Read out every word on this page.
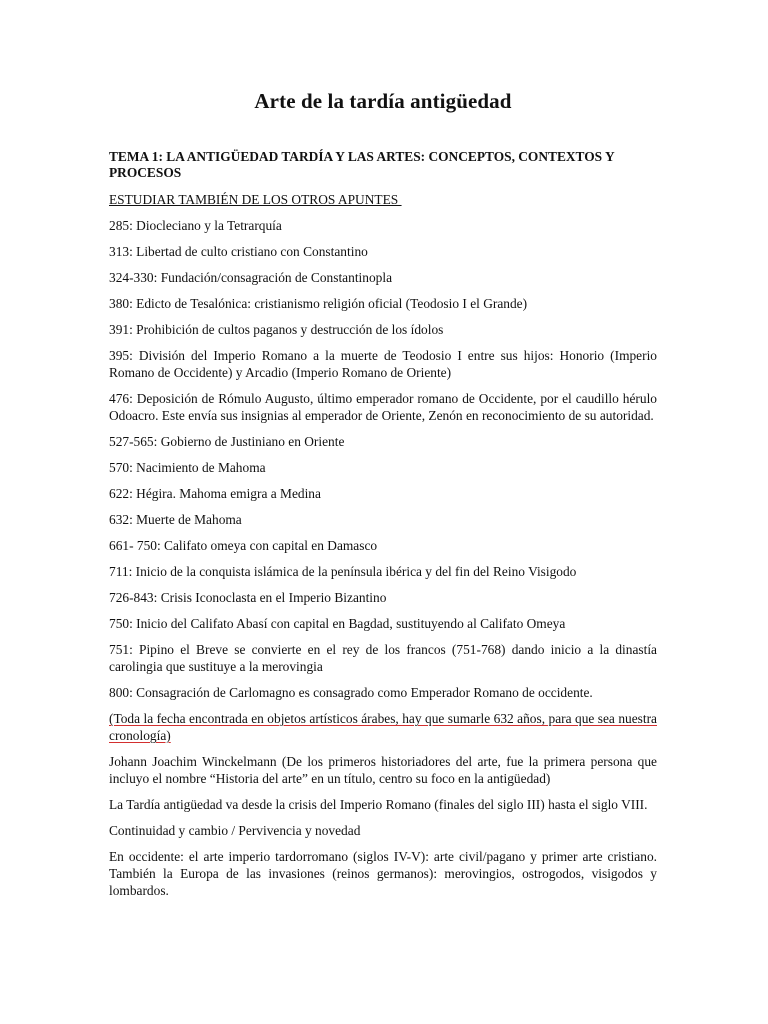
Arte de la tardía antigüedad
TEMA 1: LA ANTIGÜEDAD TARDÍA Y LAS ARTES: CONCEPTOS, CONTEXTOS Y PROCESOS
ESTUDIAR TAMBIÉN DE LOS OTROS APUNTES

285: Diocleciano y la Tetrarquía

313: Libertad de culto cristiano con Constantino

324-330: Fundación/consagración de Constantinopla

380: Edicto de Tesalónica: cristianismo religión oficial (Teodosio I el Grande)

391: Prohibición de cultos paganos y destrucción de los ídolos

395: División del Imperio Romano a la muerte de Teodosio I entre sus hijos: Honorio (Imperio Romano de Occidente) y Arcadio (Imperio Romano de Oriente)

476: Deposición de Rómulo Augusto, último emperador romano de Occidente, por el caudillo hérulo Odoacro. Este envía sus insignias al emperador de Oriente, Zenón en reconocimiento de su autoridad.

527-565: Gobierno de Justiniano en Oriente

570: Nacimiento de Mahoma

622: Hégira. Mahoma emigra a Medina

632: Muerte de Mahoma

661- 750: Califato omeya con capital en Damasco

711: Inicio de la conquista islámica de la península ibérica y del fin del Reino Visigodo

726-843: Crisis Iconoclasta en el Imperio Bizantino

750: Inicio del Califato Abasí con capital en Bagdad, sustituyendo al Califato Omeya

751: Pipino el Breve se convierte en el rey de los francos (751-768) dando inicio a la dinastía carolingia que sustituye a la merovingia

800: Consagración de Carlomagno es consagrado como Emperador Romano de occidente.

(Toda la fecha encontrada en objetos artísticos árabes, hay que sumarle 632 años, para que sea nuestra cronología)

Johann Joachim Winckelmann (De los primeros historiadores del arte, fue la primera persona que incluyo el nombre “Historia del arte” en un título, centro su foco en la antigüedad)

La Tardía antigüedad va desde la crisis del Imperio Romano (finales del siglo III) hasta el siglo VIII.

Continuidad y cambio / Pervivencia y novedad

En occidente: el arte imperio tardorromano (siglos IV-V): arte civil/pagano y primer arte cristiano. También la Europa de las invasiones (reinos germanos): merovingios, ostrogodos, visigodos y lombardos.
